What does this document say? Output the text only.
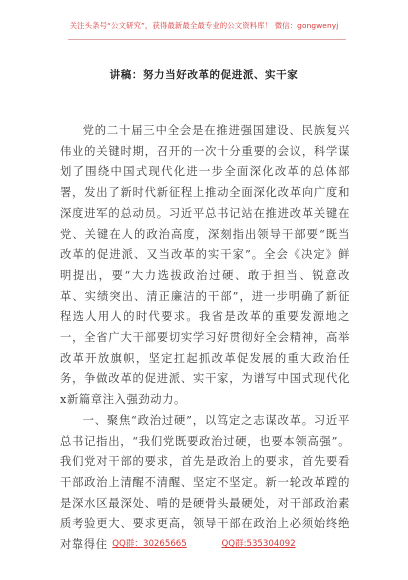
关注头条号“公文研究”，获得最新最全最专业的公文资料库！ 微信：gongwenyj
讲稿：努力当好改革的促进派、实干家

党的二十届三中全会是在推进强国建设、民族复兴伟业的关键时期，召开的一次十分重要的会议，科学谋划了围绕中国式现代化进一步全面深化改革的总体部署，发出了新时代新征程上推动全面深化改革向广度和深度进军的总动员。习近平总书记站在推进改革关键在党、关键在人的政治高度，深刻指出领导干部要“既当改革的促进派、又当改革的实干家”。全会《决定》鲜明提出，要“大力选拔政治过硬、敢于担当、锐意改革、实绩突出、清正廉洁的干部”，进一步明确了新征程选人用人的时代要求。我省是改革的重要发源地之一，全省广大干部要切实学习好贯彻好全会精神，高举改革开放旗帜，坚定扛起抓改革促发展的重大政治任务，争做改革的促进派、实干家，为谱写中国式现代化x新篇章注入强劲动力。

一、聚焦“政治过硬”，以笃定之志谋改革。习近平总书记指出，“我们党既要政治过硬，也要本领高强”。我们党对干部的要求，首先是政治上的要求，首先要看干部政治上清醒不清醒、坚定不坚定。新一轮改革蹚的是深水区最深处、啃的是硬骨头最硬处，对干部政治素质考验更大、要求更高，领导干部在政治上必须始终绝对靠得住 QQ群：30265665	QQ群:535304092
